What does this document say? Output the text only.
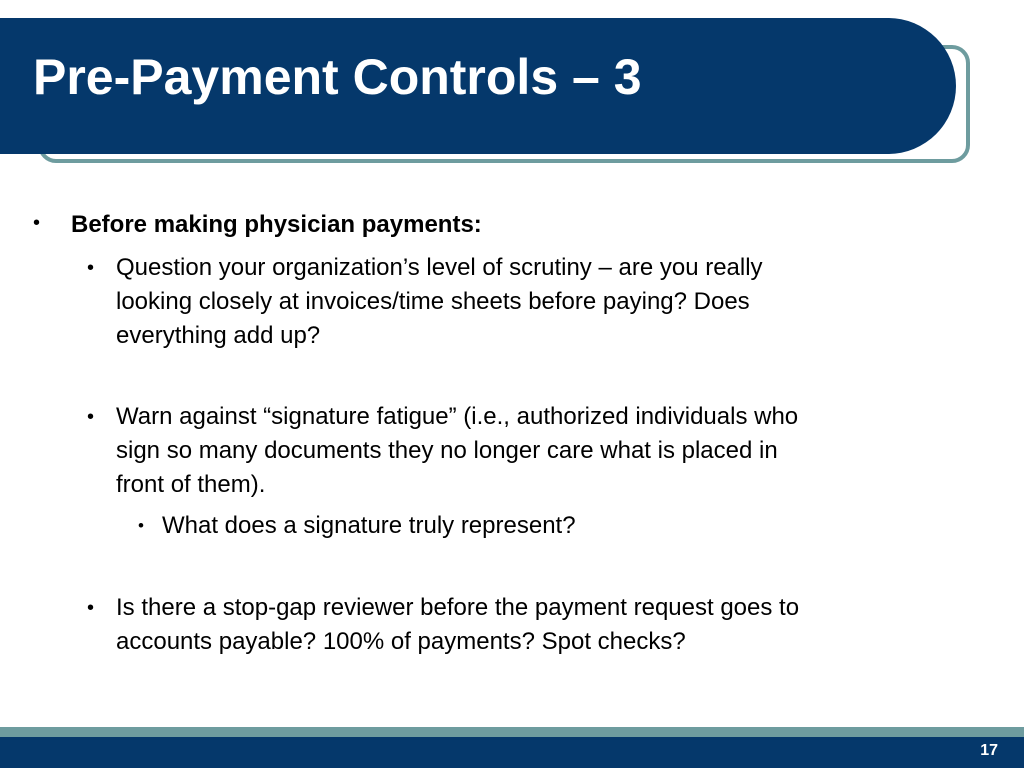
Pre-Payment Controls – 3
• Before making physician payments:
• Question your organization’s level of scrutiny – are you really
looking closely at invoices/time sheets before paying? Does
everything add up?
• Warn against “signature fatigue” (i.e., authorized individuals who
sign so many documents they no longer care what is placed in
front of them).
• What does a signature truly represent?
• Is there a stop-gap reviewer before the payment request goes to
accounts payable? 100% of payments? Spot checks?
17
